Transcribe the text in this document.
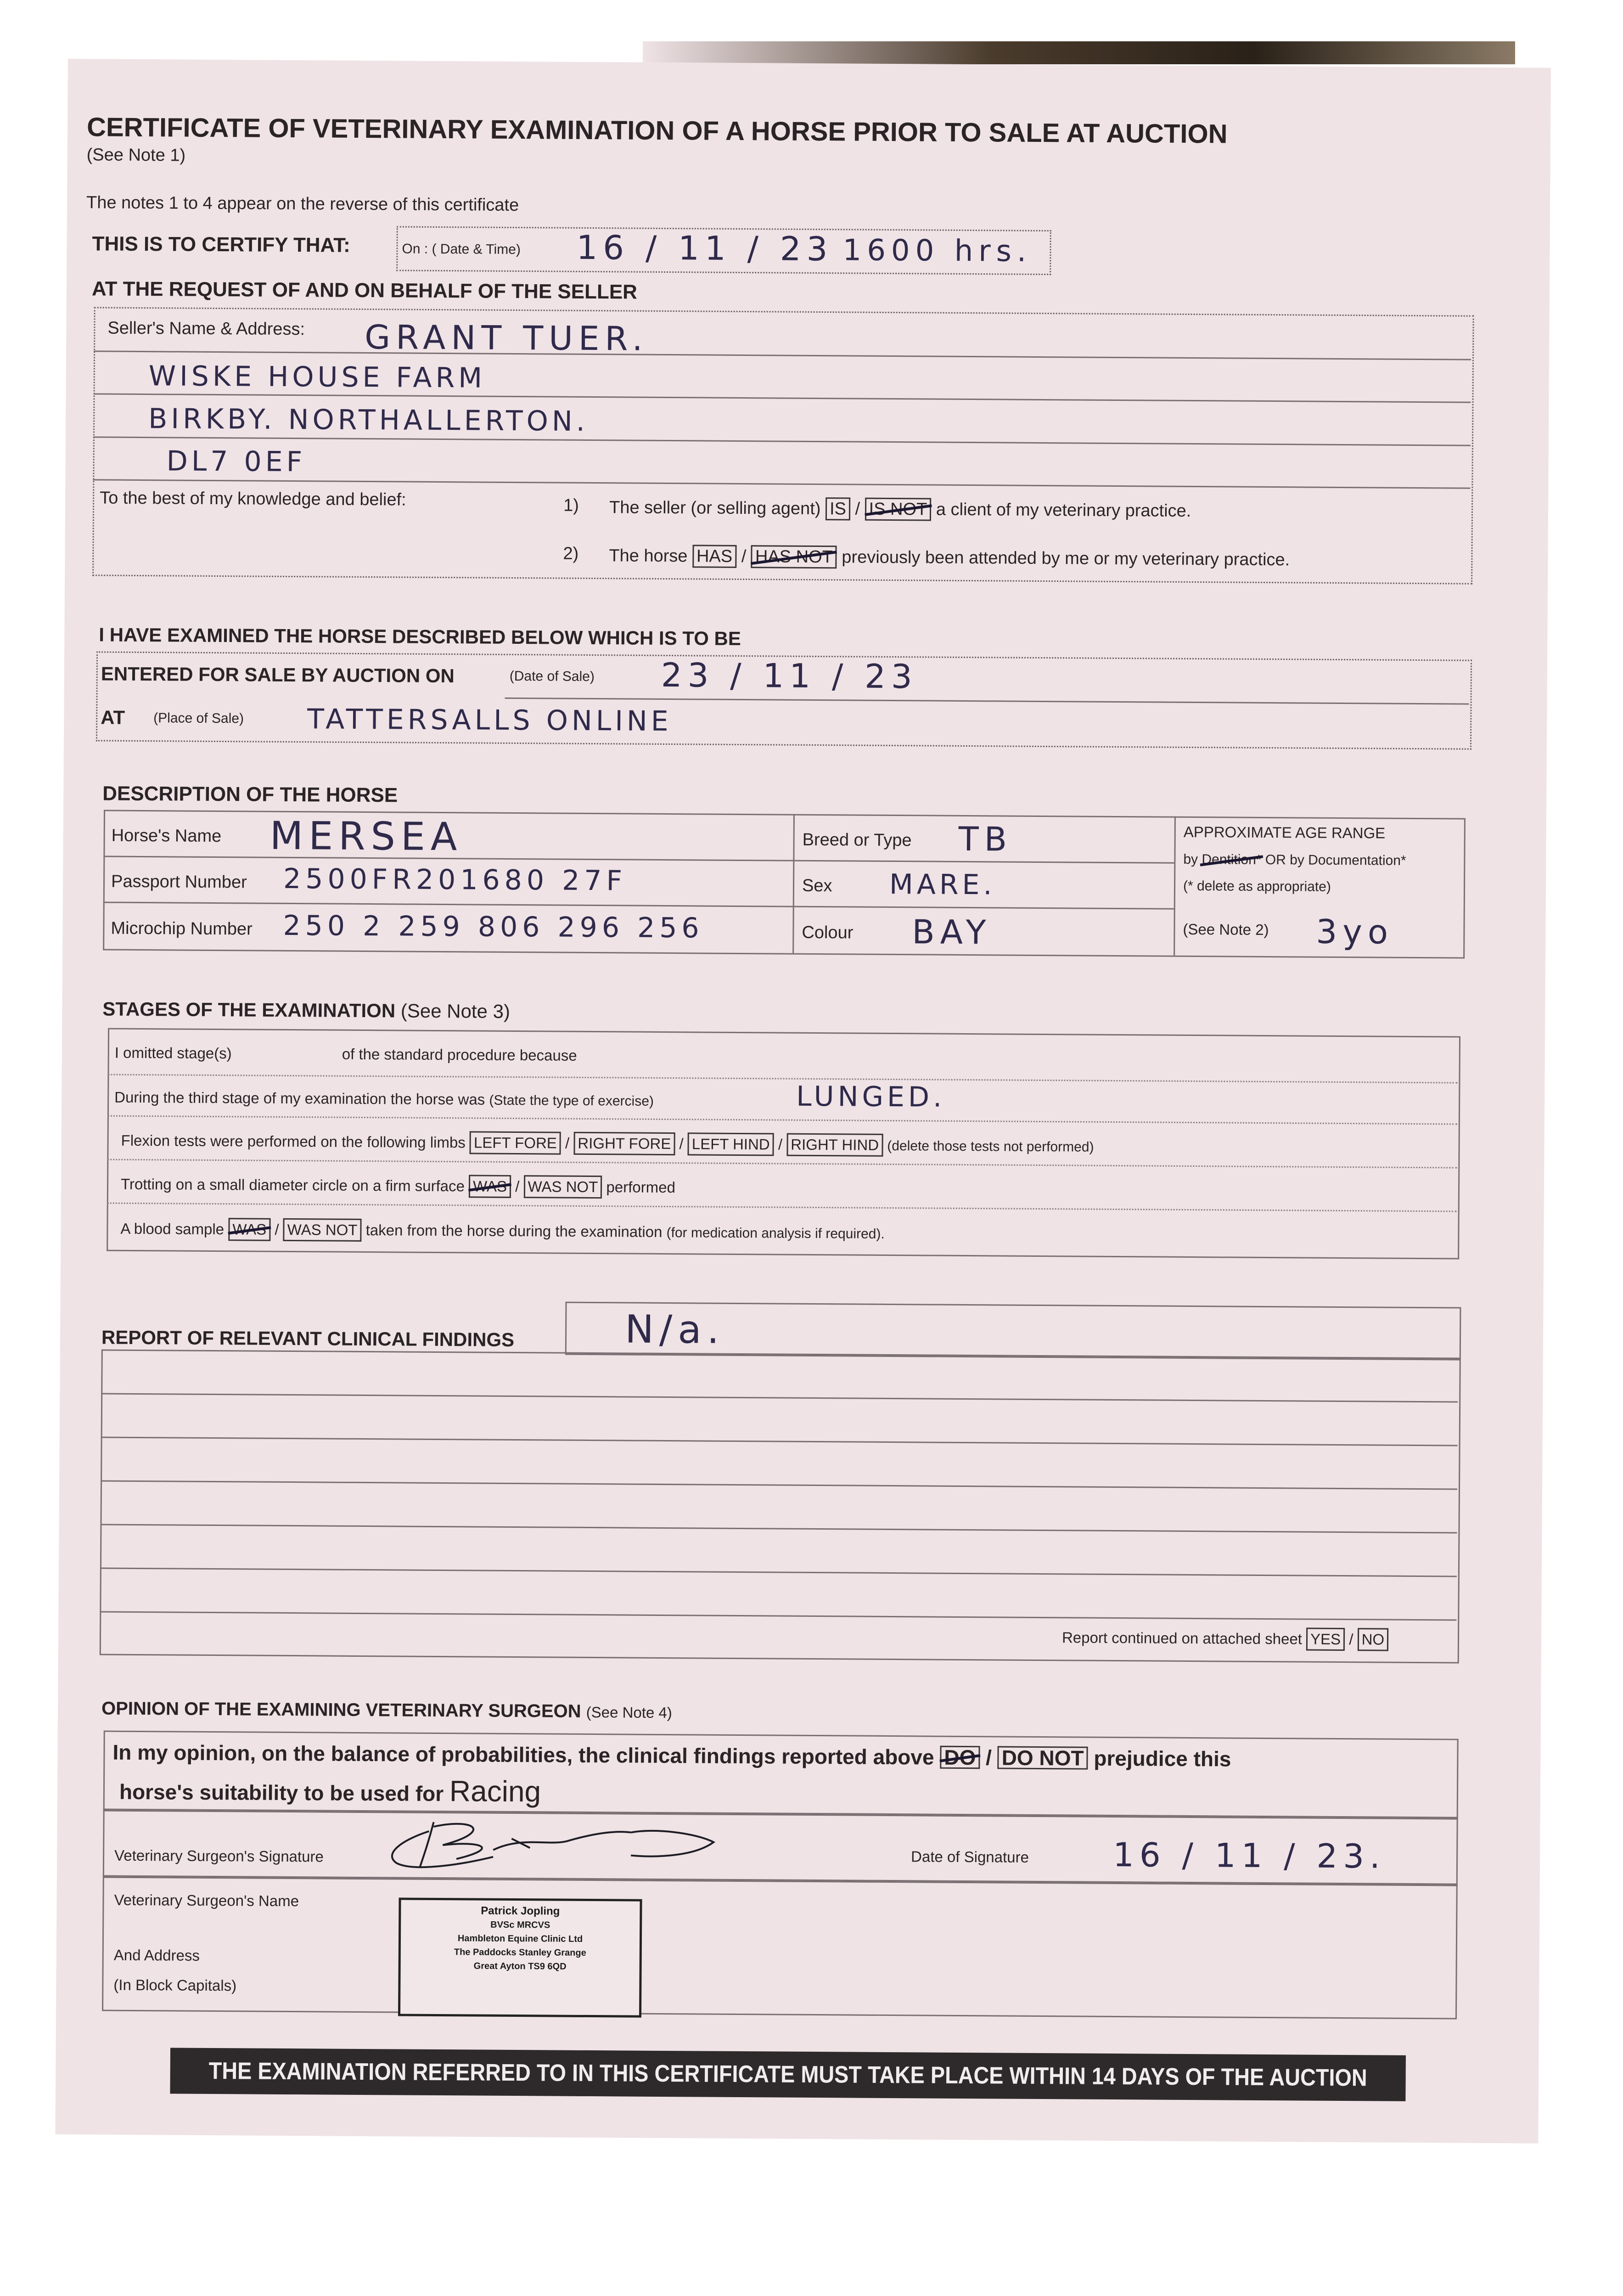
CERTIFICATE OF VETERINARY EXAMINATION OF A HORSE PRIOR TO SALE AT AUCTION
(See Note 1)
The notes 1 to 4 appear on the reverse of this certificate
THIS IS TO CERTIFY THAT:	On : ( Date & Time) 16 / 11 / 23 1600 hrs.
AT THE REQUEST OF AND ON BEHALF OF THE SELLER
Seller's Name & Address: GRANT TUER.
WISKE HOUSE FARM
BIRKBY. NORTHALLERTON.
DL7 0EF
To the best of my knowledge and belief:	1) The seller (or selling agent) IS / IS NOT a client of my veterinary practice.
2) The horse HAS / HAS NOT previously been attended by me or my veterinary practice.
I HAVE EXAMINED THE HORSE DESCRIBED BELOW WHICH IS TO BE
ENTERED FOR SALE BY AUCTION ON	(Date of Sale) 23 / 11 / 23
AT (Place of Sale) TATTERSALLS ONLINE
DESCRIPTION OF THE HORSE
Horse's Name MERSEA
Passport Number 2500FR201680 27F
Microchip Number 250 2 259 806 296 256
Breed or Type TB
Sex MARE.
Colour BAY
APPROXIMATE AGE RANGE
by Dentition* OR by Documentation*
(* delete as appropriate)
(See Note 2) 3yo
STAGES OF THE EXAMINATION (See Note 3)
I omitted stage(s)	of the standard procedure because
During the third stage of my examination the horse was (State the type of exercise)	LUNGED.
Flexion tests were performed on the following limbs LEFT FORE / RIGHT FORE / LEFT HIND / RIGHT HIND (delete those tests not performed)
Trotting on a small diameter circle on a firm surface WAS / WAS NOT performed
A blood sample WAS / WAS NOT taken from the horse during the examination (for medication analysis if required).
REPORT OF RELEVANT CLINICAL FINDINGS	N/a.
Report continued on attached sheet YES / NO
OPINION OF THE EXAMINING VETERINARY SURGEON (See Note 4)
In my opinion, on the balance of probabilities, the clinical findings reported above DO / DO NOT prejudice this
horse's suitability to be used for Racing
Veterinary Surgeon's Signature	Date of Signature	16 / 11 / 23.
Veterinary Surgeon's Name
And Address
(In Block Capitals)
Patrick Jopling
BVSc MRCVS
Hambleton Equine Clinic Ltd
The Paddocks Stanley Grange
Great Ayton TS9 6QD
THE EXAMINATION REFERRED TO IN THIS CERTIFICATE MUST TAKE PLACE WITHIN 14 DAYS OF THE AUCTION
